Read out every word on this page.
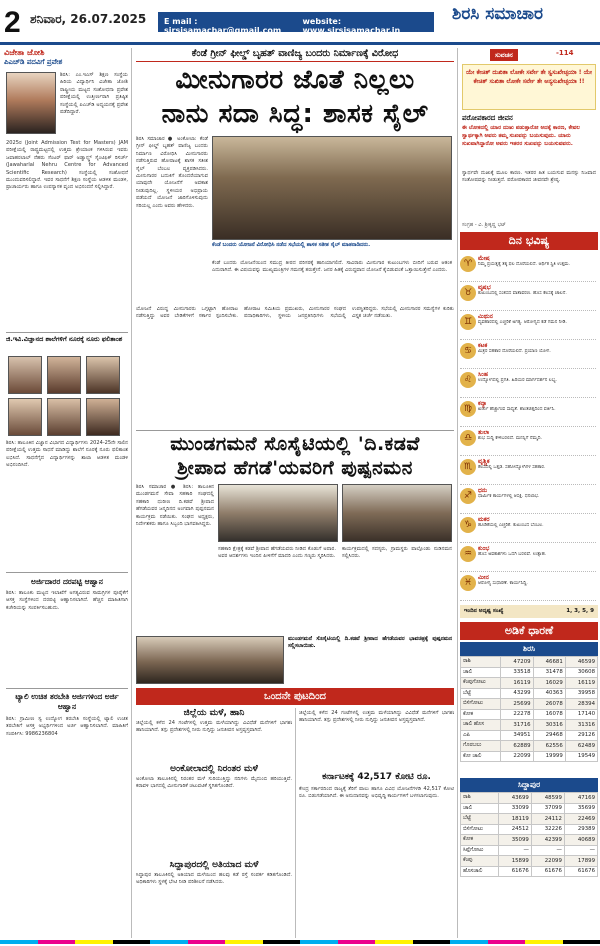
2 ಶನಿವಾರ, 26.07.2025 E mail : sirsisamachar@gmail.com
website: www.sirsisamachar.in
ಶಿರಸಿ ಸಮಾಚಾರ
ವಿಜೇತಾ ಜೋಶಿ
ಪಿಎಚ್‌ಡಿ ಪದವಿಗೆ ಪ್ರವೇಶ
ಶಿರಸಿ: ಎಂ.ಇಎಸ್ ಶಿಕ್ಷಣ ಸಂಸ್ಥೆಯ ಹಿರಿಯ ವಿದ್ಯಾರ್ಥಿನಿ ವಿಜೇತಾ ಜೋಶಿ ರಾಷ್ಟ್ರೀಯ ಮಟ್ಟದ ಸಂಶೋಧನಾ ಪ್ರವೇಶ ಪರೀಕ್ಷೆಯಲ್ಲಿ ಉತ್ತೀರ್ಣರಾಗಿ ಪ್ರತಿಷ್ಠಿತ ಸಂಸ್ಥೆಯಲ್ಲಿ ಪಿಎಚ್‌ಡಿ ಅಧ್ಯಯನಕ್ಕೆ ಪ್ರವೇಶ ಪಡೆದಿದ್ದಾರೆ.
2025ರ (Joint Admission Test for Masters) JAM ಪರೀಕ್ಷೆಯಲ್ಲಿ ರಾಷ್ಟ್ರಮಟ್ಟದಲ್ಲಿ ಉತ್ತಮ ಶ್ರೇಯಾಂಕ ಗಳಿಸಿರುವ ಇವರು ಜವಾಹರಲಾಲ್ ನೆಹರು ಸೆಂಟರ್ ಫಾರ್ ಅಡ್ವಾನ್ಸ್ಡ್ ಸೈಂಟಿಫಿಕ್ ರಿಸರ್ಚ್ (Jawaharlal Nehru Centre for Advanced Scientific Research) ಸಂಸ್ಥೆಯಲ್ಲಿ ಸಂಶೋಧನೆ ಮುಂದುವರಿಸಲಿದ್ದಾರೆ. ಇವರ ಸಾಧನೆಗೆ ಶಿಕ್ಷಣ ಸಂಸ್ಥೆಯ ಆಡಳಿತ ಮಂಡಳಿ, ಪ್ರಾಚಾರ್ಯರು ಹಾಗೂ ಉಪನ್ಯಾಸಕ ವೃಂದ ಅಭಿನಂದನೆ ಸಲ್ಲಿಸಿದ್ದಾರೆ.
ಜಿ.ಇವಿ.ವಿಜ್ಞಾನದ ಶಾಲೆಗಳಿಗೆ ನೂರಕ್ಕೆ ನೂರು ಫಲಿತಾಂಶ
ಶಿರಸಿ: ತಾಲೂಕಿನ ವಿಜ್ಞಾನ ವಿಭಾಗದ ವಿದ್ಯಾರ್ಥಿಗಳು 2024-25ನೇ ಸಾಲಿನ ಪರೀಕ್ಷೆಯಲ್ಲಿ ಉತ್ತಮ ಸಾಧನೆ ಮಾಡಿದ್ದು ಶಾಲೆಗೆ ನೂರಕ್ಕೆ ನೂರು ಫಲಿತಾಂಶ ಲಭಿಸಿದೆ. ಸಾಧನೆಗೈದ ವಿದ್ಯಾರ್ಥಿಗಳನ್ನು ಶಾಲಾ ಆಡಳಿತ ಮಂಡಳಿ ಅಭಿನಂದಿಸಿದೆ.
ಅರ್ಜಿದಾರರ ದರಪಟ್ಟಿ ಆಹ್ವಾನ
ಶಿರಸಿ: ತಾಲೂಕು ಮಟ್ಟದ ಇಲಾಖೆಗೆ ಅಗತ್ಯವಿರುವ ಸಾಮಗ್ರಿಗಳ ಪೂರೈಕೆಗೆ ಆಸಕ್ತ ಸಂಸ್ಥೆಗಳಿಂದ ದರಪಟ್ಟಿ ಆಹ್ವಾನಿಸಲಾಗಿದೆ. ಹೆಚ್ಚಿನ ಮಾಹಿತಿಗಾಗಿ ಕಚೇರಿಯನ್ನು ಸಂಪರ್ಕಿಸಬಹುದು.
ಟ್ಯಾಲಿ ಉಚಿತ ತರಬೇತಿ ಅರ್ಜಿಗಳಿಂದ ಅರ್ಜಿ ಆಹ್ವಾನ
ಶಿರಸಿ: ಗ್ರಾಮೀಣ ಸ್ವ ಉದ್ಯೋಗ ತರಬೇತಿ ಸಂಸ್ಥೆಯಲ್ಲಿ ಟ್ಯಾಲಿ ಉಚಿತ ತರಬೇತಿಗೆ ಆಸಕ್ತ ಅಭ್ಯರ್ಥಿಗಳಿಂದ ಅರ್ಜಿ ಆಹ್ವಾನಿಸಲಾಗಿದೆ. ಮಾಹಿತಿಗೆ ಸಂಪರ್ಕಿಸಿ: 9986236804
ಕೆಂಡೆ ಗ್ರೀನ್ ಫೀಲ್ಡ್ ಬೃಹತ್ ವಾಣಿಜ್ಯ ಬಂದರು ನಿರ್ಮಾಣಕ್ಕೆ ವಿರೋಧ
ಮೀನುಗಾರರ ಜೊತೆ ನಿಲ್ಲಲು
ನಾನು ಸದಾ ಸಿದ್ಧ: ಶಾಸಕ ಸೈಲ್
ಶಿರಸಿ ಸಮಾಚಾರ ● ಅಂಕೋಲಾ: ಕೆಂಡೆ ಗ್ರೀನ್ ಫೀಲ್ಡ್ ಬೃಹತ್ ವಾಣಿಜ್ಯ ಬಂದರು ನಿರ್ಮಾಣ ವಿರೋಧಿಸಿ ಮೀನುಗಾರರು ನಡೆಸುತ್ತಿರುವ ಹೋರಾಟಕ್ಕೆ ಶಾಸಕ ಸತೀಶ ಸೈಲ್ ಬೆಂಬಲ ವ್ಯಕ್ತಪಡಿಸಿದರು. ಮೀನುಗಾರರ ಬದುಕಿಗೆ ತೊಂದರೆಯಾಗುವ ಯಾವುದೇ ಯೋಜನೆಗೆ ಅವಕಾಶ ನೀಡುವುದಿಲ್ಲ. ಸ್ಥಳೀಯರ ಅಭಿಪ್ರಾಯ ಪಡೆಯದೆ ಯೋಜನೆ ಜಾರಿಗೊಳಿಸುವುದು ಸರಿಯಲ್ಲ ಎಂದು ಅವರು ಹೇಳಿದರು.
ಕೆಂಡೆ ಬಂದರು ಯೋಜನೆ ವಿರೋಧಿಸಿ ನಡೆದ ಸಭೆಯಲ್ಲಿ ಶಾಸಕ ಸತೀಶ ಸೈಲ್ ಮಾತನಾಡಿದರು.
ಕೆಂಡೆ ಬಂದರು ಯೋಜನೆಯಿಂದ ಸಮುದ್ರ ತೀರದ ಪರಿಸರಕ್ಕೆ ಹಾನಿಯಾಗಲಿದೆ. ಸಾವಿರಾರು ಮೀನುಗಾರ ಕುಟುಂಬಗಳು ಬೀದಿಗೆ ಬರುವ ಆತಂಕ ಎದುರಾಗಿದೆ. ಈ ವಿಷಯವನ್ನು ಮುಖ್ಯಮಂತ್ರಿಗಳ ಗಮನಕ್ಕೆ ತರುತ್ತೇನೆ. ಜನರ ಹಿತಕ್ಕೆ ವಿರುದ್ಧವಾದ ಯೋಜನೆ ಕೈಬಿಡುವಂತೆ ಒತ್ತಾಯಿಸುತ್ತೇನೆ ಎಂದರು.
ಯೋಜನೆ ವಿರುದ್ಧ ಮೀನುಗಾರರು ಒಗ್ಗಟ್ಟಾಗಿ ಹೋರಾಟ ನಡೆಸುತ್ತಿದ್ದು ಅವರ ಬೇಡಿಕೆಗಳಿಗೆ ಸರ್ಕಾರ ಸ್ಪಂದಿಸಬೇಕು. ಹೋರಾಟ ಸಮಿತಿಯ ಪ್ರಮುಖರು, ಮೀನುಗಾರರ ಸಂಘದ ಪದಾಧಿಕಾರಿಗಳು, ಸ್ಥಳೀಯ ಜನಪ್ರತಿನಿಧಿಗಳು ಸಭೆಯಲ್ಲಿ ಉಪಸ್ಥಿತರಿದ್ದರು. ಸಭೆಯಲ್ಲಿ ಮೀನುಗಾರರ ಸಮಸ್ಯೆಗಳ ಕುರಿತು ವಿಸ್ತೃತ ಚರ್ಚೆ ನಡೆಯಿತು.
ಮುಂಡಗಮನೆ ಸೊಸೈಟಿಯಲ್ಲಿ 'ದಿ.ಕಡವೆ
ಶ್ರೀಪಾದ ಹೆಗಡೆ'ಯವರಿಗೆ ಪುಷ್ಪನಮನ
ಶಿರಸಿ ಸಮಾಚಾರ ● ಶಿರಸಿ: ತಾಲೂಕಿನ ಮುಂಡಗಮನೆ ಸೇವಾ ಸಹಕಾರಿ ಸಂಘದಲ್ಲಿ ಸಹಕಾರಿ ಧುರೀಣ ದಿ.ಕಡವೆ ಶ್ರೀಪಾದ ಹೆಗಡೆಯವರ ಜನ್ಮದಿನದ ಅಂಗವಾಗಿ ಪುಷ್ಪನಮನ ಕಾರ್ಯಕ್ರಮ ನಡೆಯಿತು. ಸಂಘದ ಅಧ್ಯಕ್ಷರು, ನಿರ್ದೇಶಕರು ಹಾಗೂ ಸಿಬ್ಬಂದಿ ಭಾಗವಹಿಸಿದ್ದರು.
ಸಹಕಾರಿ ಕ್ಷೇತ್ರಕ್ಕೆ ಕಡವೆ ಶ್ರೀಪಾದ ಹೆಗಡೆಯವರು ನೀಡಿದ ಕೊಡುಗೆ ಅಪಾರ. ಅವರ ಆದರ್ಶಗಳು ಇಂದಿನ ಪೀಳಿಗೆಗೆ ಮಾದರಿ ಎಂದು ಗಣ್ಯರು ಸ್ಮರಿಸಿದರು.
ಕಾರ್ಯಕ್ರಮದಲ್ಲಿ ಸದಸ್ಯರು, ಗ್ರಾಮಸ್ಥರು ಪಾಲ್ಗೊಂಡು ನುಡಿನಮನ ಸಲ್ಲಿಸಿದರು.
ಮುಂಡಗಮನೆ ಸೊಸೈಟಿಯಲ್ಲಿ ದಿ.ಕಡವೆ ಶ್ರೀಪಾದ ಹೆಗಡೆಯವರ ಭಾವಚಿತ್ರಕ್ಕೆ ಪುಷ್ಪನಮನ ಸಲ್ಲಿಸಲಾಯಿತು.
ಒಂದನೇ ಪುಟದಿಂದ
ಜಿಲ್ಲೆಯ ಮಳೆ, ಹಾನಿ
ಜಿಲ್ಲೆಯಲ್ಲಿ ಕಳೆದ 24 ಗಂಟೆಗಳಲ್ಲಿ ಉತ್ತಮ ಮಳೆಯಾಗಿದ್ದು ವಿವಿಧೆಡೆ ಮನೆಗಳಿಗೆ ಭಾಗಶಃ ಹಾನಿಯಾಗಿದೆ. ತಗ್ಗು ಪ್ರದೇಶಗಳಲ್ಲಿ ನೀರು ನುಗ್ಗಿದ್ದು ಜನಜೀವನ ಅಸ್ತವ್ಯಸ್ತವಾಗಿದೆ.
ಅಂಕೋಲಾದಲ್ಲಿ ನಿರಂತರ ಮಳೆ
ಅಂಕೋಲಾ ತಾಲೂಕಿನಲ್ಲಿ ನಿರಂತರ ಮಳೆ ಸುರಿಯುತ್ತಿದ್ದು ನದಿಗಳು ಮೈದುಂಬಿ ಹರಿಯುತ್ತಿವೆ. ಕರಾವಳಿ ಭಾಗದಲ್ಲಿ ಮೀನುಗಾರಿಕೆ ಚಟುವಟಿಕೆ ಸ್ಥಗಿತಗೊಂಡಿದೆ.
ಸಿದ್ದಾಪುರದಲ್ಲಿ ಅತಿಯಾದ ಮಳೆ
ಸಿದ್ದಾಪುರ ತಾಲೂಕಿನಲ್ಲಿ ಅತಿಯಾದ ಮಳೆಯಿಂದ ಹಲವು ಕಡೆ ರಸ್ತೆ ಸಂಪರ್ಕ ಕಡಿತಗೊಂಡಿದೆ. ಅಧಿಕಾರಿಗಳು ಸ್ಥಳಕ್ಕೆ ಭೇಟಿ ನೀಡಿ ಪರಿಶೀಲನೆ ನಡೆಸಿದರು.
ಜಿಲ್ಲೆಯಲ್ಲಿ ಕಳೆದ 24 ಗಂಟೆಗಳಲ್ಲಿ ಉತ್ತಮ ಮಳೆಯಾಗಿದ್ದು ವಿವಿಧೆಡೆ ಮನೆಗಳಿಗೆ ಭಾಗಶಃ ಹಾನಿಯಾಗಿದೆ. ತಗ್ಗು ಪ್ರದೇಶಗಳಲ್ಲಿ ನೀರು ನುಗ್ಗಿದ್ದು ಜನಜೀವನ ಅಸ್ತವ್ಯಸ್ತವಾಗಿದೆ.
ಕರ್ನಾಟಕಕ್ಕೆ 42,517 ಕೋಟಿ ರೂ.
ಕೇಂದ್ರ ಸರ್ಕಾರದಿಂದ ರಾಜ್ಯಕ್ಕೆ ತೆರಿಗೆ ಪಾಲು ಹಾಗೂ ವಿವಿಧ ಯೋಜನೆಗಳಡಿ 42,517 ಕೋಟಿ ರೂ. ಬಿಡುಗಡೆಯಾಗಿದೆ. ಈ ಅನುದಾನವನ್ನು ಅಭಿವೃದ್ಧಿ ಕಾರ್ಯಗಳಿಗೆ ಬಳಸಲಾಗುವುದು.
ಸುವಚನ	-114
ಯೇ ಕೇಚಿತ್ ದುಖಿತಾ ಲೋಕೇ ಸರ್ವೇ ತೇ ಸ್ವಸುಖೇಚ್ಛಯಾ ! ಯೇ ಕೇಚಿತ್ ಸುಖಿತಾ ಲೋಕೇ ಸರ್ವೇ ತೇ ಅನ್ಯಸುಖೇಚ್ಛಯಾ !!
ಪರೋಪಕಾರದ ಜೀವನ
ಈ ಲೋಕದಲ್ಲಿ ಯಾರ ದುಃಖ ಪಡುತ್ತಾರೋ ಅದಕ್ಕೆ ಕಾರಣ, ಕೇವಲ ಸ್ವಾರ್ಥಕ್ಕಾಗಿ ಅವರು ತಮ್ಮ ಸುಖವನ್ನು ಬಯಸುವುದು. ಯಾರು ಸುಖವಾಗಿದ್ದಾರೋ ಅವರು ಇತರರ ಸುಖವನ್ನು ಬಯಸುವವರು.
ಸ್ವಾರ್ಥವೇ ದುಃಖಕ್ಕೆ ಮೂಲ ಕಾರಣ. ಇತರರ ಹಿತ ಬಯಸುವ ಮನಸ್ಸು ನಿಜವಾದ ಸಂತೋಷವನ್ನು ನೀಡುತ್ತದೆ. ಪರೋಪಕಾರದ ಜೀವನವೇ ಶ್ರೇಷ್ಠ.
ಸಂಗ್ರಹ - ವಿ. ಶ್ರೀಕೃಷ್ಣ ಭಟ್
ದಿನ ಭವಿಷ್ಯ
♈
ಮೇಷ
ನಿಮ್ಮ ಪ್ರಯತ್ನಕ್ಕೆ ತಕ್ಕ ಫಲ ದೊರೆಯಲಿದೆ. ಆರ್ಥಿಕ ಸ್ಥಿತಿ ಉತ್ತಮ.
♉
ವೃಷಭ
ಕುಟುಂಬದಲ್ಲಿ ಸಂತಸದ ವಾತಾವರಣ. ಹೊಸ ಕೆಲಸಕ್ಕೆ ಚಾಲನೆ.
♊
ಮಿಥುನ
ವ್ಯವಹಾರದಲ್ಲಿ ಎಚ್ಚರಿಕೆ ಅಗತ್ಯ. ಆರೋಗ್ಯದ ಕಡೆ ಗಮನ ನೀಡಿ.
♋
ಕಟಕ
ಮಿತ್ರರ ಸಹಕಾರ ದೊರೆಯಲಿದೆ. ಪ್ರಯಾಣ ಯೋಗ.
♌
ಸಿಂಹ
ಉದ್ಯೋಗದಲ್ಲಿ ಪ್ರಗತಿ. ಹಿರಿಯರ ಮಾರ್ಗದರ್ಶನ ಲಭ್ಯ.
♍
ಕನ್ಯಾ
ಖರ್ಚು ಹೆಚ್ಚಾಗುವ ಸಾಧ್ಯತೆ. ಶಾಂತಚಿತ್ತದಿಂದ ವರ್ತಿಸಿ.
♎
ತುಲಾ
ಶುಭ ಸುದ್ದಿ ಕೇಳಿಬರಲಿದೆ. ಮನಸ್ಸಿಗೆ ನೆಮ್ಮದಿ.
♏
ವೃಶ್ಚಿಕ
ಕೆಲಸದಲ್ಲಿ ಒತ್ತಡ. ಸಹೋದ್ಯೋಗಿಗಳ ಸಹಕಾರ.
♐
ಧನು
ಧಾರ್ಮಿಕ ಕಾರ್ಯಗಳಲ್ಲಿ ಆಸಕ್ತಿ. ಧನಲಾಭ.
♑
ಮಕರ
ಹೂಡಿಕೆಯಲ್ಲಿ ಎಚ್ಚರಿಕೆ. ಕುಟುಂಬದ ಬೆಂಬಲ.
♒
ಕುಂಭ
ಹೊಸ ಅವಕಾಶಗಳು ಒದಗಿ ಬರಲಿವೆ. ಉತ್ಸಾಹ.
♓
ಮೀನ
ಆರೋಗ್ಯ ಸುಧಾರಣೆ. ಕಾರ್ಯಸಿದ್ಧಿ.
ಇಂದಿನ ಅದೃಷ್ಟ ಸಂಖ್ಯೆ	1, 3, 5, 9
ಅಡಿಕೆ ಧಾರಣೆ
ಶಿರಸಿ
ರಾಶಿ	47209	46681	46599
ಚಾಲಿ	33518	31478	30608
ಕೆಂಪುಗೋಟು	16119	16029	16119
ಬೆಟ್ಟೆ	43299	40363	39958
ಬಿಳಿಗೋಟು	25699	26078	28394
ಕೋಕ	22278	16078	17140
ಚಾಲಿ ಹೊಸ	31716	30316	31316
ಎಪಿ	34951	29468	29126
ಗೊರಬಲು	62889	62556	62489
ಕೋ ಚಾಲಿ	22099	19999	19549
ಸಿದ್ದಾಪುರ
ರಾಶಿ	43699	48599	47169
ಚಾಲಿ	33099	37099	35699
ಬೆಟ್ಟೆ	18119	24112	22469
ಬಿಳಿಗೋಟು	24512	32226	29389
ಕೋಕ	35099	42399	40689
ಸಿಪ್ಪೆಗೋಟು	—	—	—
ಕೆಂಪು	15899	22099	17899
ಹೊಸಚಾಲಿ	61676	61676	61676
